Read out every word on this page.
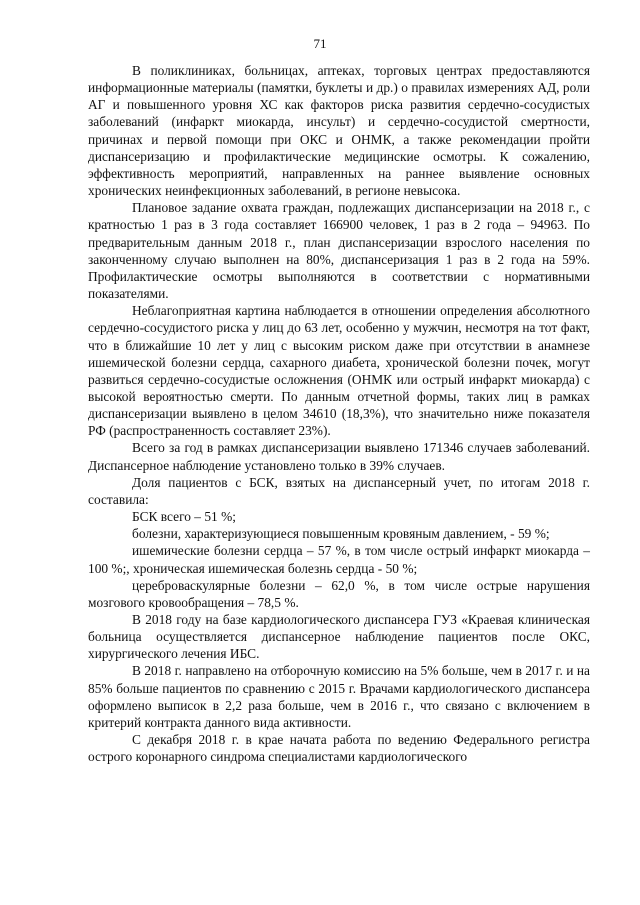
71

В поликлиниках, больницах, аптеках, торговых центрах предоставляются информационные материалы (памятки, буклеты и др.) о правилах измерениях АД, роли АГ и повышенного уровня ХС как факторов риска развития сердечно-сосудистых заболеваний (инфаркт миокарда, инсульт) и сердечно-сосудистой смертности, причинах и первой помощи при ОКС и ОНМК, а также рекомендации пройти диспансеризацию и профилактические медицинские осмотры. К сожалению, эффективность мероприятий, направленных на раннее выявление основных хронических неинфекционных заболеваний, в регионе невысока.

Плановое задание охвата граждан, подлежащих диспансеризации на 2018 г., с кратностью 1 раз в 3 года составляет 166900 человек, 1 раз в 2 года – 94963. По предварительным данным 2018 г., план диспансеризации взрослого населения по законченному случаю выполнен на 80%, диспансеризация 1 раз в 2 года на 59%. Профилактические осмотры выполняются в соответствии с нормативными показателями.

Неблагоприятная картина наблюдается в отношении определения абсолютного сердечно-сосудистого риска у лиц до 63 лет, особенно у мужчин, несмотря на тот факт, что в ближайшие 10 лет у лиц с высоким риском даже при отсутствии в анамнезе ишемической болезни сердца, сахарного диабета, хронической болезни почек, могут развиться сердечно-сосудистые осложнения (ОНМК или острый инфаркт миокарда) с высокой вероятностью смерти. По данным отчетной формы, таких лиц в рамках диспансеризации выявлено в целом 34610 (18,3%), что значительно ниже показателя РФ (распространенность составляет 23%).

Всего за год в рамках диспансеризации выявлено 171346 случаев заболеваний. Диспансерное наблюдение установлено только в 39% случаев.

Доля пациентов с БСК, взятых на диспансерный учет, по итогам 2018 г. составила:

БСК всего – 51 %;

болезни, характеризующиеся повышенным кровяным давлением, - 59 %;

ишемические болезни сердца – 57 %, в том числе острый инфаркт миокарда – 100 %;, хроническая ишемическая болезнь сердца - 50 %;

цереброваскулярные болезни – 62,0 %, в том числе острые нарушения мозгового кровообращения – 78,5 %.

В 2018 году на базе кардиологического диспансера ГУЗ «Краевая клиническая больница осуществляется диспансерное наблюдение пациентов после ОКС, хирургического лечения ИБС.

В 2018 г. направлено на отборочную комиссию на 5% больше, чем в 2017 г. и на 85% больше пациентов по сравнению с 2015 г. Врачами кардиологического диспансера оформлено выписок в 2,2 раза больше, чем в 2016 г., что связано с включением в критерий контракта данного вида активности.

С декабря 2018 г. в крае начата работа по ведению Федерального регистра острого коронарного синдрома специалистами кардиологического
